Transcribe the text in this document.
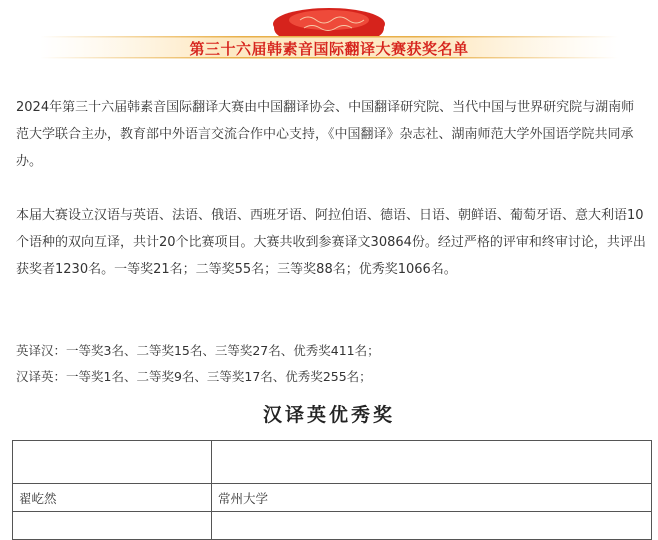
第三十六届韩素音国际翻译大赛获奖名单

2024年第三十六届韩素音国际翻译大赛由中国翻译协会、中国翻译研究院、当代中国与世界研究院与湖南师范大学联合主办，教育部中外语言交流合作中心支持，《中国翻译》杂志社、湖南师范大学外国语学院共同承办。

本届大赛设立汉语与英语、法语、俄语、西班牙语、阿拉伯语、德语、日语、朝鲜语、葡萄牙语、意大利语10个语种的双向互译，共计20个比赛项目。大赛共收到参赛译文30864份。经过严格的评审和终审讨论，共评出获奖者1230名。一等奖21名；二等奖55名；三等奖88名；优秀奖1066名。

英译汉：一等奖3名、二等奖15名、三等奖27名、优秀奖411名；
汉译英：一等奖1名、二等奖9名、三等奖17名、优秀奖255名；
汉译英优秀奖

翟屹然	常州大学
